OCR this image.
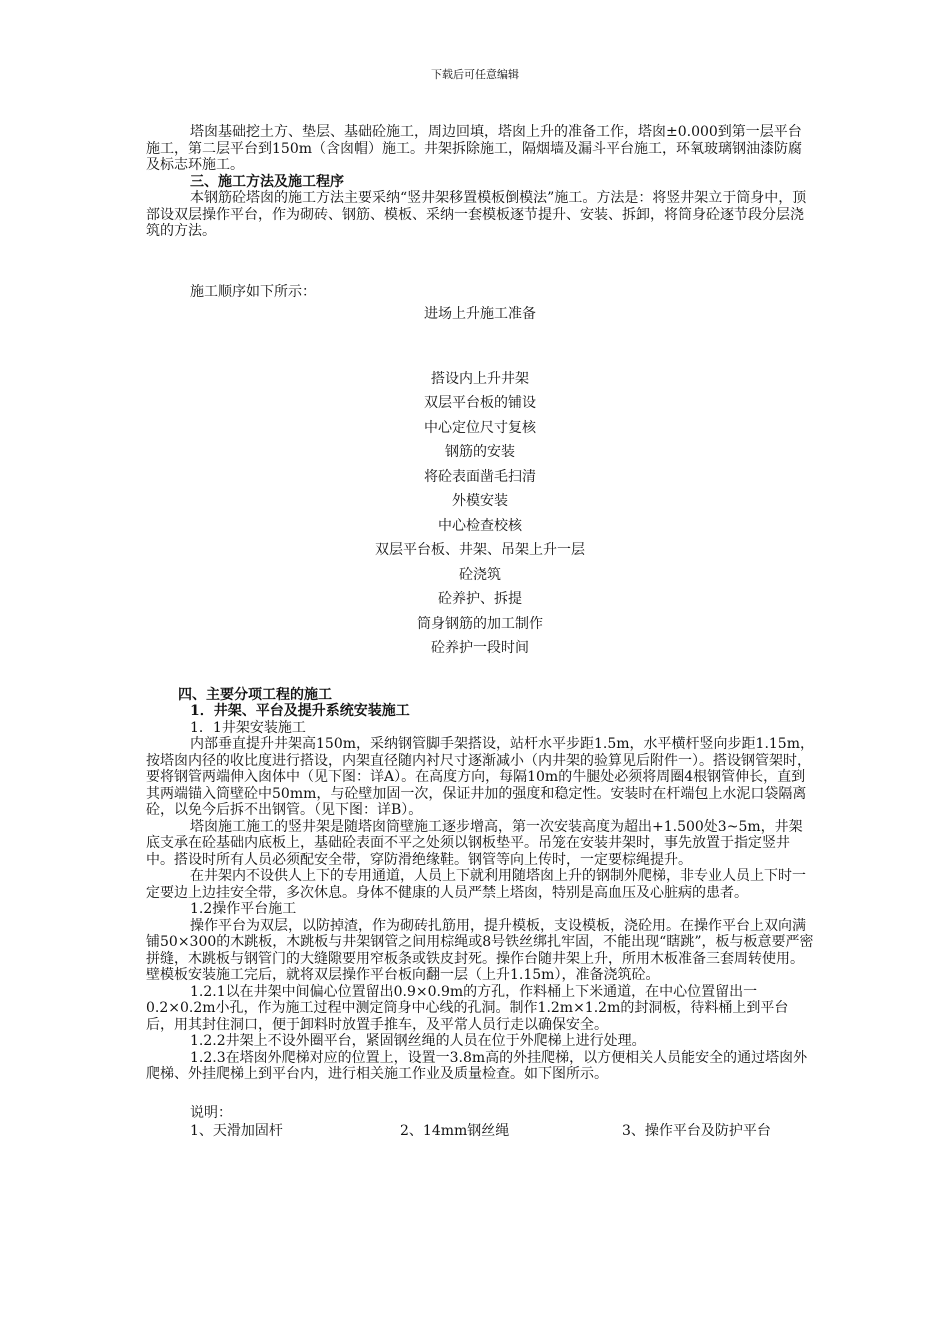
下载后可任意编辑

塔囱基础挖土方、垫层、基础砼施工，周边回填，塔囱上升的准备工作，塔囱±0.000到第一层平台施工，第二层平台到150m（含囱帽）施工。井架拆除施工，隔烟墙及漏斗平台施工，环氧玻璃钢油漆防腐及标志环施工。

三、施工方法及施工程序

本钢筋砼塔囱的施工方法主要采纳“竖井架移置模板倒模法”施工。方法是：将竖井架立于筒身中，顶部设双层操作平台，作为砌砖、钢筋、模板、采纳一套模板逐节提升、安装、拆卸，将筒身砼逐节段分层浇筑的方法。

施工顺序如下所示：

进场上升施工准备
搭设内上升井架
双层平台板的铺设
中心定位尺寸复核
钢筋的安装
将砼表面凿毛扫清
外模安装
中心检查校核
双层平台板、井架、吊架上升一层
砼浇筑
砼养护、拆提
筒身钢筋的加工制作
砼养护一段时间

四、主要分项工程的施工

1．井架、平台及提升系统安装施工

1．1井架安装施工

内部垂直提升井架高150m，采纳钢管脚手架搭设，站杆水平步距1.5m，水平横杆竖向步距1.15m，按塔囱内径的收比度进行搭设，内架直径随内衬尺寸逐渐减小（内井架的验算见后附件一）。搭设钢管架时，要将钢管两端伸入囱体中（见下图：详A）。在高度方向，每隔10m的牛腿处必须将周圈4根钢管伸长，直到其两端锚入筒壁砼中50mm，与砼壁加固一次，保证井加的强度和稳定性。安装时在杆端包上水泥口袋隔离砼，以免今后拆不出钢管。（见下图：详B）。

塔囱施工施工的竖井架是随塔囱筒壁施工逐步增高，第一次安装高度为超出+1.500处3~5m，井架底支承在砼基础内底板上，基础砼表面不平之处须以钢板垫平。吊笼在安装井架时，事先放置于指定竖井中。搭设时所有人员必须配安全带，穿防滑绝缘鞋。钢管等向上传时，一定要棕绳提升。

在井架内不设供人上下的专用通道，人员上下就利用随塔囱上升的钢制外爬梯，非专业人员上下时一定要边上边挂安全带，多次休息。身体不健康的人员严禁上塔囱，特别是高血压及心脏病的患者。

1.2操作平台施工

操作平台为双层，以防掉渣，作为砌砖扎筋用，提升模板，支设模板，浇砼用。在操作平台上双向满铺50×300的木跳板，木跳板与井架钢管之间用棕绳或8号铁丝绑扎牢固，不能出现“瞎跳”，板与板意要严密拼缝，木跳板与钢管门的大缝隙要用窄板条或铁皮封死。操作台随井架上升，所用木板准备三套周转使用。壁模板安装施工完后，就将双层操作平台板向翻一层（上升1.15m），准备浇筑砼。

1.2.1以在井架中间偏心位置留出0.9×0.9m的方孔，作料桶上下米通道，在中心位置留出一0.2×0.2m小孔，作为施工过程中测定筒身中心线的孔洞。制作1.2m×1.2m的封洞板，待料桶上到平台后，用其封住洞口，便于卸料时放置手推车，及平常人员行走以确保安全。

1.2.2井架上不设外圈平台，紧固钢丝绳的人员在位于外爬梯上进行处理。

1.2.3在塔囱外爬梯对应的位置上，设置一3.8m高的外挂爬梯，以方便相关人员能安全的通过塔囱外爬梯、外挂爬梯上到平台内，进行相关施工作业及质量检查。如下图所示。

说明：

1、天滑加固杆	2、14mm钢丝绳	3、操作平台及防护平台
